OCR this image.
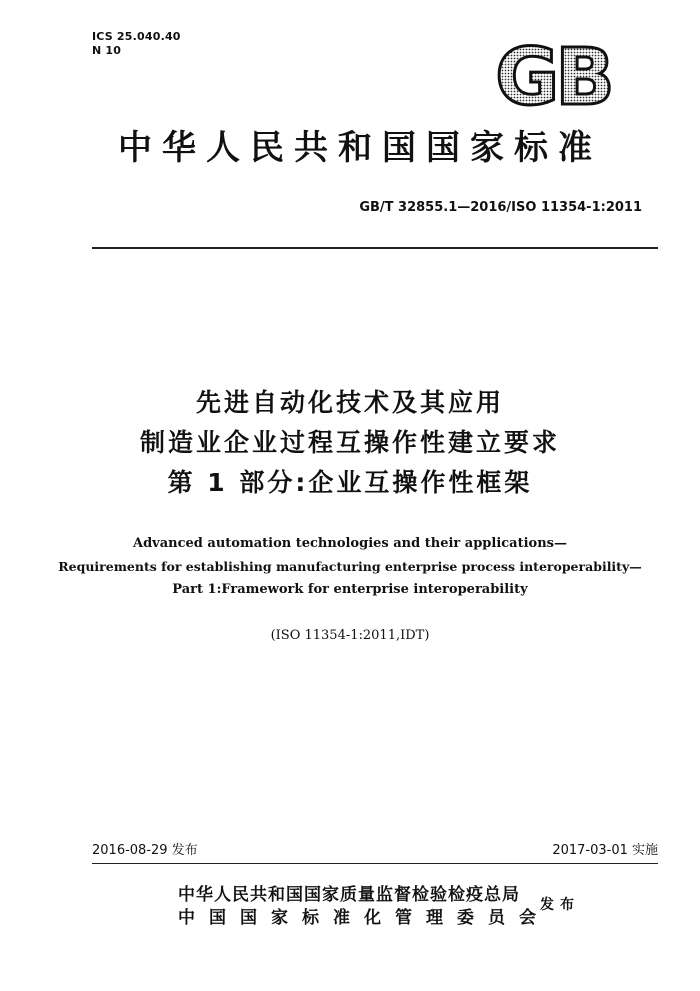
ICS 25.040.40
N 10	GB
中华人民共和国国家标准
GB/T 32855.1—2016/ISO 11354-1:2011
先进自动化技术及其应用
制造业企业过程互操作性建立要求
第 1 部分:企业互操作性框架
Advanced automation technologies and their applications—
Requirements for establishing manufacturing enterprise process interoperability—
Part 1:Framework for enterprise interoperability
(ISO 11354-1:2011,IDT)
2016-08-29 发布	2017-03-01 实施
中华人民共和国国家质量监督检验检疫总局
中国国家标准化管理委员会
发布
